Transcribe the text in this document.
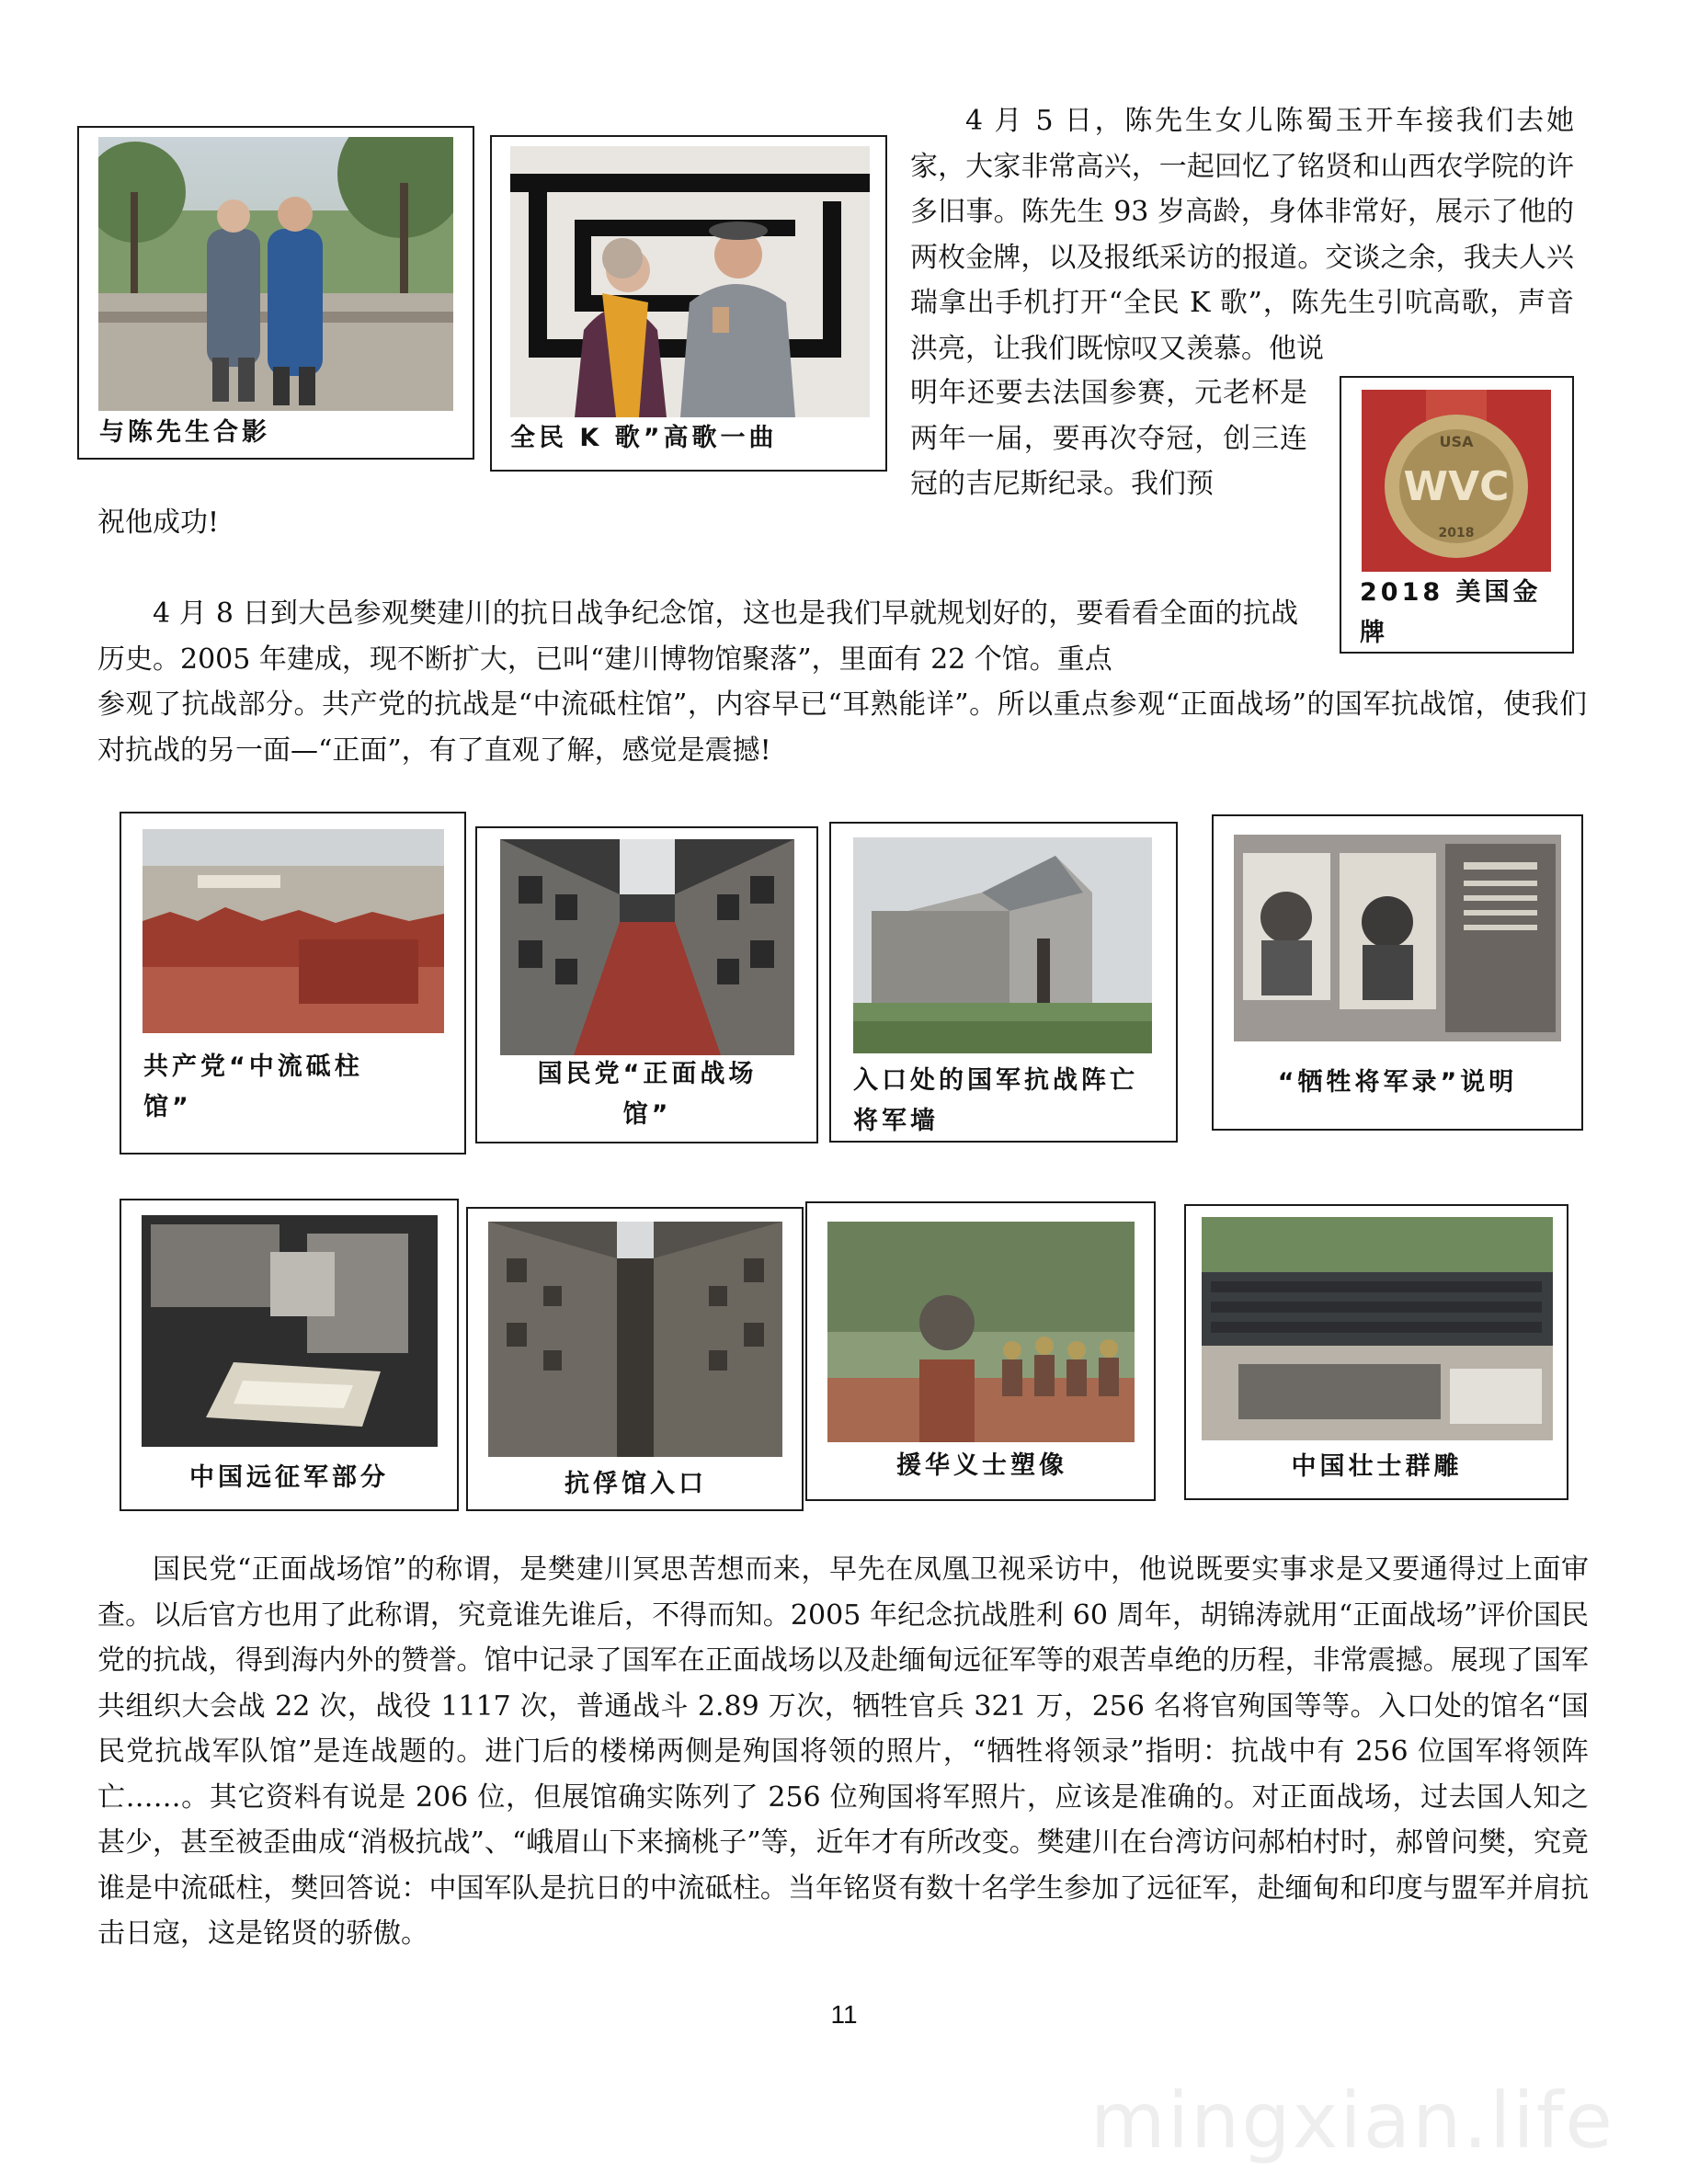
与陈先生合影	全民 K 歌”高歌一曲

4 月 5 日，陈先生女儿陈蜀玉开车接我们去她家，大家非常高兴，一起回忆了铭贤和山西农学院的许多旧事。陈先生 93 岁高龄，身体非常好，展示了他的两枚金牌，以及报纸采访的报道。交谈之余，我夫人兴瑞拿出手机打开“全民 K 歌”，陈先生引吭高歌，声音洪亮，让我们既惊叹又羡慕。他说

明年还要去法国参赛，元老杯是两年一届，要再次夺冠，创三连冠的吉尼斯纪录。我们预

祝他成功!

USA
WVC
2018
2018 美国金牌

4 月 8 日到大邑参观樊建川的抗日战争纪念馆，这也是我们早就规划好的，要看看全面的抗战历史。2005 年建成，现不断扩大，已叫“建川博物馆聚落”，里面有 22 个馆。重点

参观了抗战部分。共产党的抗战是“中流砥柱馆”，内容早已“耳熟能详”。所以重点参观“正面战场”的国军抗战馆，使我们对抗战的另一面—“正面”，有了直观了解，感觉是震撼!

共产党“中流砥柱馆”
国民党“正面战场馆”
入口处的国军抗战阵亡将军墙
“牺牲将军录”说明
中国远征军部分	抗俘馆入口
援华义士塑像	中国壮士群雕

国民党“正面战场馆”的称谓，是樊建川冥思苦想而来，早先在凤凰卫视采访中，他说既要实事求是又要通得过上面审查。以后官方也用了此称谓，究竟谁先谁后，不得而知。2005 年纪念抗战胜利 60 周年，胡锦涛就用“正面战场”评价国民党的抗战，得到海内外的赞誉。馆中记录了国军在正面战场以及赴缅甸远征军等的艰苦卓绝的历程，非常震撼。展现了国军共组织大会战 22 次，战役 1117 次，普通战斗 2.89 万次，牺牲官兵 321 万，256 名将官殉国等等。入口处的馆名“国民党抗战军队馆”是连战题的。进门后的楼梯两侧是殉国将领的照片，“牺牲将领录”指明：抗战中有 256 位国军将领阵亡……。其它资料有说是 206 位，但展馆确实陈列了 256 位殉国将军照片，应该是准确的。对正面战场，过去国人知之甚少，甚至被歪曲成“消极抗战”、“峨眉山下来摘桃子”等，近年才有所改变。樊建川在台湾访问郝柏村时，郝曾问樊，究竟谁是中流砥柱，樊回答说：中国军队是抗日的中流砥柱。当年铭贤有数十名学生参加了远征军，赴缅甸和印度与盟军并肩抗击日寇，这是铭贤的骄傲。

11
mingxian.life
